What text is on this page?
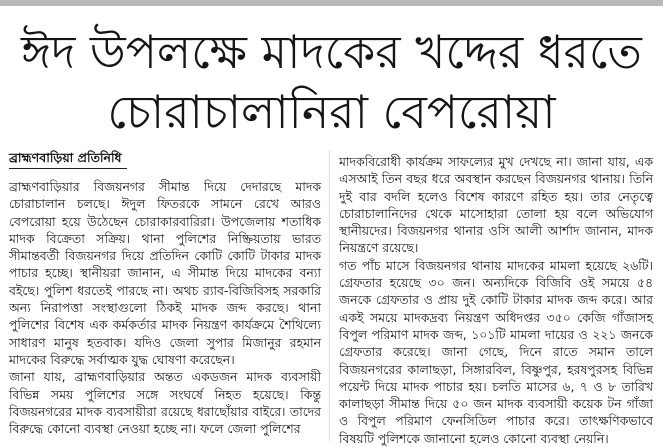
ঈদ উপলক্ষে মাদকের খদ্দের ধরতে
চোরাচালানিরা বেপরোয়া
ব্রাহ্মণবাড়িয়া প্রতিনিধি

ব্রাহ্মণবাড়িয়ার বিজয়নগর সীমান্ত দিয়ে দেদারছে মাদক চোরাচালান চলছে। ঈদুল ফিতরকে সামনে রেখে আরও বেপরোয়া হয়ে উঠেছেন চোরাকারবারিরা। উপজেলায় শতাধিক মাদক বিক্রেতা সক্রিয়। থানা পুলিশের নিষ্ক্রিয়তায় ভারত সীমান্তবর্তী বিজয়নগর দিয়ে প্রতিদিন কোটি কোটি টাকার মাদক পাচার হচ্ছে। স্থানীয়রা জানান, এ সীমান্ত দিয়ে মাদকের বন্যা বইছে। পুলিশ ধরতেই পারছে না। অথচ র‌্যাব-বিজিবিসহ সরকারি অন্য নিরাপত্তা সংস্থাগুলো ঠিকই মাদক জব্দ করছে। থানা পুলিশের বিশেষ এক কর্মকর্তার মাদক নিয়ন্ত্রণ কার্যক্রমে শৈথিল্যে সাধারণ মানুষ হতবাক। যদিও জেলা সুপার মিজানুর রহমান মাদকের বিরুদ্ধে সর্বাত্মক যুদ্ধ ঘোষণা করেছেন।

জানা যায়, ব্রাহ্মণবাড়িয়ার অন্তত একডজন মাদক ব্যবসায়ী বিভিন্ন সময় পুলিশের সঙ্গে সংঘর্ষে নিহত হয়েছে। কিন্তু বিজয়নগরের মাদক ব্যবসায়ীরা রয়েছে ধরাছোঁয়ার বাইরে। তাদের বিরুদ্ধে কোনো ব্যবস্থা নেওয়া হচ্ছে না। ফলে জেলা পুলিশের

মাদকবিরোধী কার্যক্রম সাফল্যের মুখ দেখছে না। জানা যায়, এক এসআই তিন বছর ধরে অবস্থান করছেন বিজয়নগর থানায়। তিনি দুই বার বদলি হলেও বিশেষ কারণে রহিত হয়। তার নেতৃত্বে চোরাচালানিদের থেকে মাসোহারা তোলা হয় বলে অভিযোগ স্থানীয়দের। বিজয়নগর থানার ওসি আলী আর্শাদ জানান, মাদক নিয়ন্ত্রণে রয়েছে।

গত পাঁচ মাসে বিজয়নগর থানায় মাদকের মামলা হয়েছে ২৬টি। গ্রেফতার হয়েছে ৩০ জন। অন্যদিকে বিজিবি ওই সময়ে ৫৪ জনকে গ্রেফতার ও প্রায় দুই কোটি টাকার মাদক জব্দ করে। আর একই সময়ে মাদকদ্রব্য নিয়ন্ত্রণ অধিদপ্তর ৩৫০ কেজি গাঁজাসহ বিপুল পরিমাণ মাদক জব্দ, ১০১টি মামলা দায়ের ও ২২১ জনকে গ্রেফতার করেছে। জানা গেছে, দিনে রাতে সমান তালে বিজয়নগরের কালাছড়া, সিঙ্গারবিল, বিষ্ণুপুর, হরষপুরসহ বিভিন্ন পয়েন্ট দিয়ে মাদক পাচার হয়। চলতি মাসের ৬, ৭ ও ৮ তারিখ কালাছড়া সীমান্ত দিয়ে ৫০ জন মাদক ব্যবসায়ী কয়েক টন গাঁজা ও বিপুল পরিমাণ ফেনসিডিল পাচার করে। তাৎক্ষণিকভাবে বিষয়টি পুলিশকে জানানো হলেও কোনো ব্যবস্থা নেয়নি।
